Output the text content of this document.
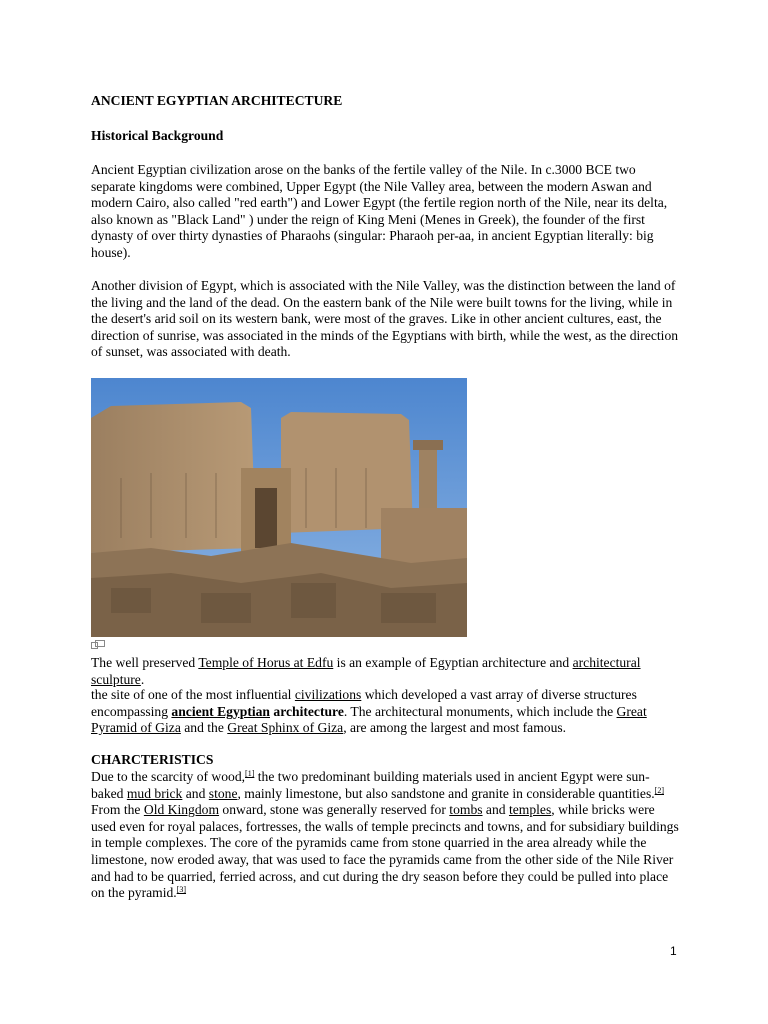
ANCIENT EGYPTIAN ARCHITECTURE
Historical Background

Ancient Egyptian civilization arose on the banks of the fertile valley of the Nile. In c.3000 BCE two separate kingdoms were combined, Upper Egypt (the Nile Valley area, between the modern Aswan and modern Cairo, also called "red earth") and Lower Egypt (the fertile region north of the Nile, near its delta, also known as "Black Land" ) under the reign of King Meni (Menes in Greek), the founder of the first dynasty of over thirty dynasties of Pharaohs (singular: Pharaoh per-aa, in ancient Egyptian literally: big house).

Another division of Egypt, which is associated with the Nile Valley, was the distinction between the land of the living and the land of the dead. On the eastern bank of the Nile were built towns for the living, while in the desert's arid soil on its western bank, were most of the graves. Like in other ancient cultures, east, the direction of sunrise, was associated in the minds of the Egyptians with birth, while the west, as the direction of sunset, was associated with death.

The well preserved Temple of Horus at Edfu is an example of Egyptian architecture and architectural sculpture.

the site of one of the most influential civilizations which developed a vast array of diverse structures encompassing ancient Egyptian architecture. The architectural monuments, which include the Great Pyramid of Giza and the Great Sphinx of Giza, are among the largest and most famous.

CHARCTERISTICS

Due to the scarcity of wood,[1] the two predominant building materials used in ancient Egypt were sun-baked mud brick and stone, mainly limestone, but also sandstone and granite in considerable quantities.[2] From the Old Kingdom onward, stone was generally reserved for tombs and temples, while bricks were used even for royal palaces, fortresses, the walls of temple precincts and towns, and for subsidiary buildings in temple complexes. The core of the pyramids came from stone quarried in the area already while the limestone, now eroded away, that was used to face the pyramids came from the other side of the Nile River and had to be quarried, ferried across, and cut during the dry season before they could be pulled into place on the pyramid.[3]

1
